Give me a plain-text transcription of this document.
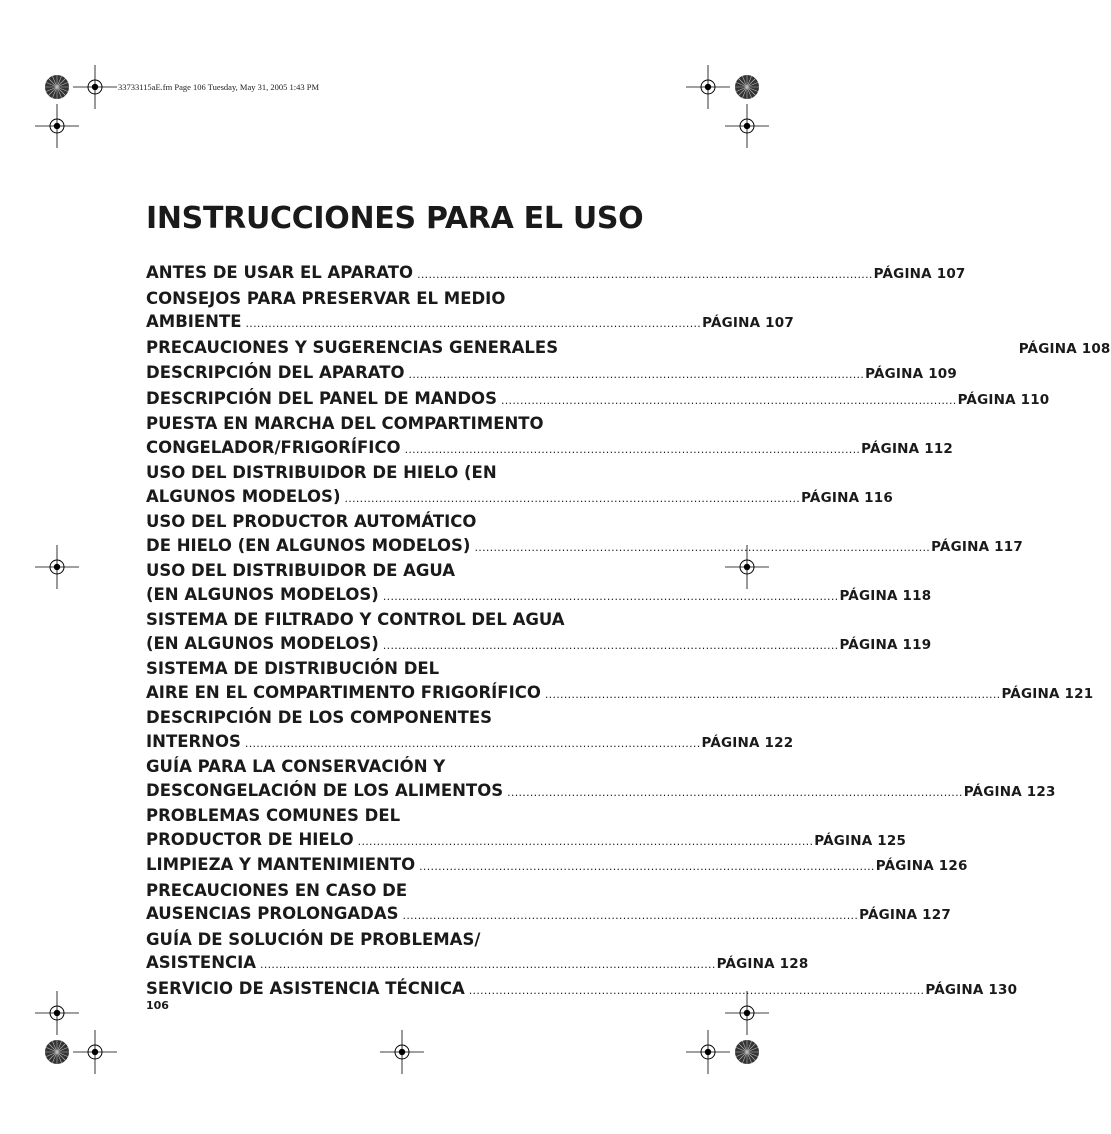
33733115aE.fm Page 106 Tuesday, May 31, 2005 1:43 PM
INSTRUCCIONES PARA EL USO
ANTES DE USAR EL APARATO ........................................................................................................................ PÁGINA 107
CONSEJOS PARA PRESERVAR EL MEDIO
AMBIENTE ........................................................................................................................ PÁGINA 107
PRECAUCIONES Y SUGERENCIAS GENERALES	PÁGINA 108
DESCRIPCIÓN DEL APARATO ........................................................................................................................ PÁGINA 109
DESCRIPCIÓN DEL PANEL DE MANDOS ........................................................................................................................ PÁGINA 110
PUESTA EN MARCHA DEL COMPARTIMENTO
CONGELADOR/FRIGORÍFICO ........................................................................................................................ PÁGINA 112
USO DEL DISTRIBUIDOR DE HIELO (EN
ALGUNOS MODELOS) ........................................................................................................................ PÁGINA 116
USO DEL PRODUCTOR AUTOMÁTICO
DE HIELO (EN ALGUNOS MODELOS) ........................................................................................................................ PÁGINA 117
USO DEL DISTRIBUIDOR DE AGUA
(EN ALGUNOS MODELOS) ........................................................................................................................ PÁGINA 118
SISTEMA DE FILTRADO Y CONTROL DEL AGUA
(EN ALGUNOS MODELOS) ........................................................................................................................ PÁGINA 119
SISTEMA DE DISTRIBUCIÓN DEL
AIRE EN EL COMPARTIMENTO FRIGORÍFICO ........................................................................................................................ PÁGINA 121
DESCRIPCIÓN DE LOS COMPONENTES
INTERNOS ........................................................................................................................ PÁGINA 122
GUÍA PARA LA CONSERVACIÓN Y
DESCONGELACIÓN DE LOS ALIMENTOS ........................................................................................................................ PÁGINA 123
PROBLEMAS COMUNES DEL
PRODUCTOR DE HIELO ........................................................................................................................ PÁGINA 125
LIMPIEZA Y MANTENIMIENTO ........................................................................................................................ PÁGINA 126
PRECAUCIONES EN CASO DE
AUSENCIAS PROLONGADAS ........................................................................................................................ PÁGINA 127
GUÍA DE SOLUCIÓN DE PROBLEMAS/
ASISTENCIA ........................................................................................................................ PÁGINA 128
SERVICIO DE ASISTENCIA TÉCNICA ........................................................................................................................ PÁGINA 130
106
